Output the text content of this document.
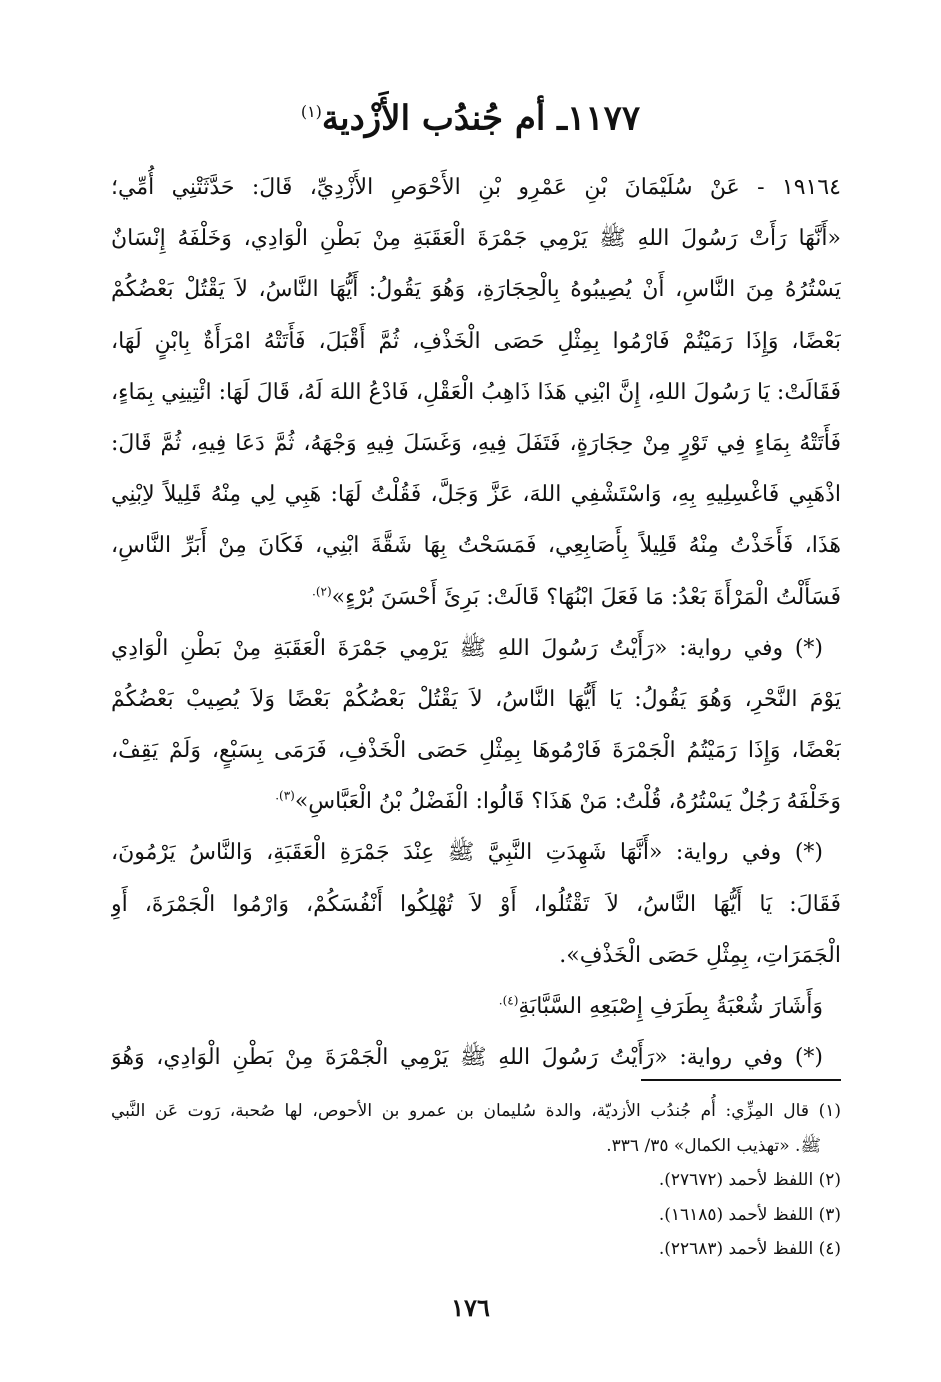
١١٧٧ـ أم جُندُب الأَزْدية$^{(١)}$
١٩١٦٤ - عَنْ سُلَيْمَانَ بْنِ عَمْرِو بْنِ الأَحْوَصِ الأَزْدِيِّ، قَالَ: حَدَّثَتْنِي أُمِّي؛
«أَنَّهَا رَأَتْ رَسُولَ اللهِ ﷺ يَرْمِي جَمْرَةَ الْعَقَبَةِ مِنْ بَطْنِ الْوَادِي، وَخَلْفَهُ إِنْسَانٌ
يَسْتُرُهُ مِنَ النَّاسِ، أَنْ يُصِيبُوهُ بِالْحِجَارَةِ، وَهُوَ يَقُولُ: أَيُّهَا النَّاسُ، لاَ يَقْتُلْ بَعْضُكُمْ
بَعْضًا، وَإِذَا رَمَيْتُمْ فَارْمُوا بِمِثْلِ حَصَى الْخَذْفِ، ثُمَّ أَقْبَلَ، فَأَتَتْهُ امْرَأَةٌ بِابْنٍ لَهَا،
فَقَالَتْ: يَا رَسُولَ اللهِ، إِنَّ ابْنِي هَذَا ذَاهِبُ الْعَقْلِ، فَادْعُ اللهَ لَهُ، قَالَ لَهَا: ائْتِينِي بِمَاءٍ،
فَأَتَتْهُ بِمَاءٍ فِي تَوْرٍ مِنْ حِجَارَةٍ، فَتَفَلَ فِيهِ، وَغَسَلَ فِيهِ وَجْهَهُ، ثُمَّ دَعَا فِيهِ، ثُمَّ قَالَ:
اذْهَبِي فَاغْسِلِيهِ بِهِ، وَاسْتَشْفِي اللهَ، عَزَّ وَجَلَّ، فَقُلْتُ لَهَا: هَبِي لِي مِنْهُ قَلِيلاً لاِبْنِي
هَذَا، فَأَخَذْتُ مِنْهُ قَلِيلاً بِأَصَابِعِي، فَمَسَحْتُ بِهَا شَقَّةَ ابْنِي، فَكَانَ مِنْ أَبَرِّ النَّاسِ،
فَسَأَلْتُ الْمَرْأَةَ بَعْدُ: مَا فَعَلَ ابْنُهَا؟ قَالَتْ: بَرِئَ أَحْسَنَ بُرْءٍ»$^{(٢).}$
(*) وفي رواية: «رَأَيْتُ رَسُولَ اللهِ ﷺ يَرْمِي جَمْرَةَ الْعَقَبَةِ مِنْ بَطْنِ الْوَادِي
يَوْمَ النَّحْرِ، وَهُوَ يَقُولُ: يَا أَيُّهَا النَّاسُ، لاَ يَقْتُلْ بَعْضُكُمْ بَعْضًا وَلاَ يُصِيبْ بَعْضُكُمْ
بَعْضًا، وَإِذَا رَمَيْتُمُ الْجَمْرَةَ فَارْمُوهَا بِمِثْلِ حَصَى الْخَذْفِ، فَرَمَى بِسَبْعٍ، وَلَمْ يَقِفْ،
وَخَلْفَهُ رَجُلٌ يَسْتُرُهُ، قُلْتُ: مَنْ هَذَا؟ قَالُوا: الْفَضْلُ بْنُ الْعَبَّاسِ»$^{(٣).}$
(*) وفي رواية: «أَنَّهَا شَهِدَتِ النَّبِيَّ ﷺ عِنْدَ جَمْرَةِ الْعَقَبَةِ، وَالنَّاسُ يَرْمُونَ،
فَقَالَ: يَا أَيُّهَا النَّاسُ، لاَ تَقْتُلُوا، أَوْ لاَ تُهْلِكُوا أَنْفُسَكُمْ، وَارْمُوا الْجَمْرَةَ، أَوِ
الْجَمَرَاتِ، بِمِثْلِ حَصَى الْخَذْفِ».
وَأَشَارَ شُعْبَةُ بِطَرَفِ إِصْبَعِهِ السَّبَّابَةِ$^{(٤).}$
(*) وفي رواية: «رَأَيْتُ رَسُولَ اللهِ ﷺ يَرْمِي الْجَمْرَةَ مِنْ بَطْنِ الْوَادِي، وَهُوَ
(١) قال المِزِّي: أُم جُندُب الأزديّة، والدة سُليمان بن عمرو بن الأحوص، لها صُحبة، رَوت عَن النَّبي
ﷺ. «تهذيب الكمال» ٣٥/ ٣٣٦.
(٢) اللفظ لأحمد (٢٧٦٧٢).
(٣) اللفظ لأحمد (١٦١٨٥).
(٤) اللفظ لأحمد (٢٢٦٨٣).
١٧٦
